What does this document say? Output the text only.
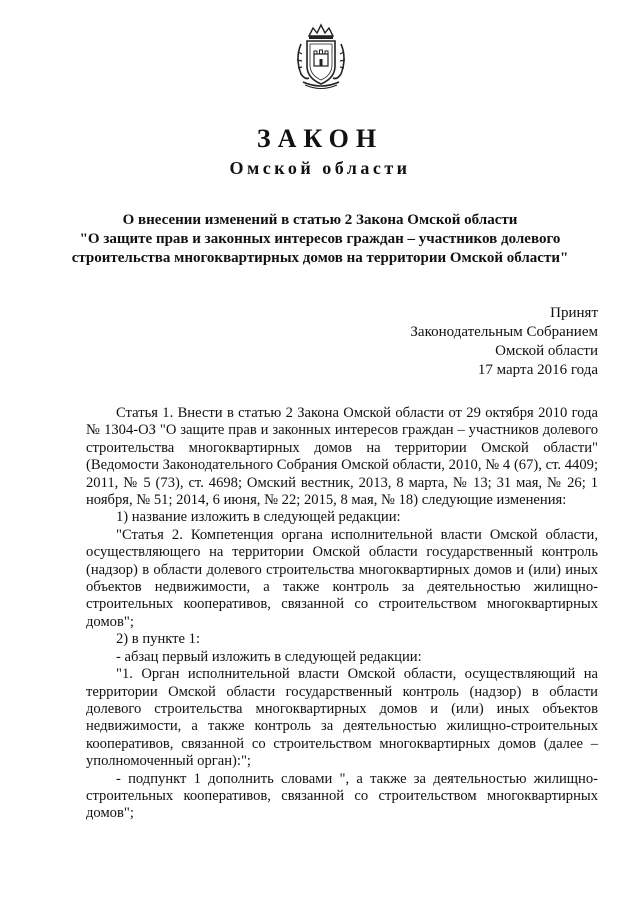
ЗАКОН
Омской области
О внесении изменений в статью 2 Закона Омской области
"О защите прав и законных интересов граждан – участников долевого
строительства многоквартирных домов на территории Омской области"
Принят
Законодательным Собранием
Омской области
17 марта 2016 года

Статья 1. Внести в статью 2 Закона Омской области от 29 октября 2010 года № 1304-ОЗ "О защите прав и законных интересов граждан – участников долевого строительства многоквартирных домов на территории Омской области" (Ведомости Законодательного Собрания Омской области, 2010, № 4 (67), ст. 4409; 2011, № 5 (73), ст. 4698; Омский вестник, 2013, 8 марта, № 13; 31 мая, № 26; 1 ноября, № 51; 2014, 6 июня, № 22; 2015, 8 мая, № 18) следующие изменения:

1) название изложить в следующей редакции:

"Статья 2. Компетенция органа исполнительной власти Омской области, осуществляющего на территории Омской области государственный контроль (надзор) в области долевого строительства многоквартирных домов и (или) иных объектов недвижимости, а также контроль за деятельностью жилищно-строительных кооперативов, связанной со строительством многоквартирных домов";

2) в пункте 1:

- абзац первый изложить в следующей редакции:

"1. Орган исполнительной власти Омской области, осуществляющий на территории Омской области государственный контроль (надзор) в области долевого строительства многоквартирных домов и (или) иных объектов недвижимости, а также контроль за деятельностью жилищно-строительных кооперативов, связанной со строительством многоквартирных домов (далее – уполномоченный орган):";

- подпункт 1 дополнить словами ", а также за деятельностью жилищно-строительных кооперативов, связанной со строительством многоквартирных домов";
